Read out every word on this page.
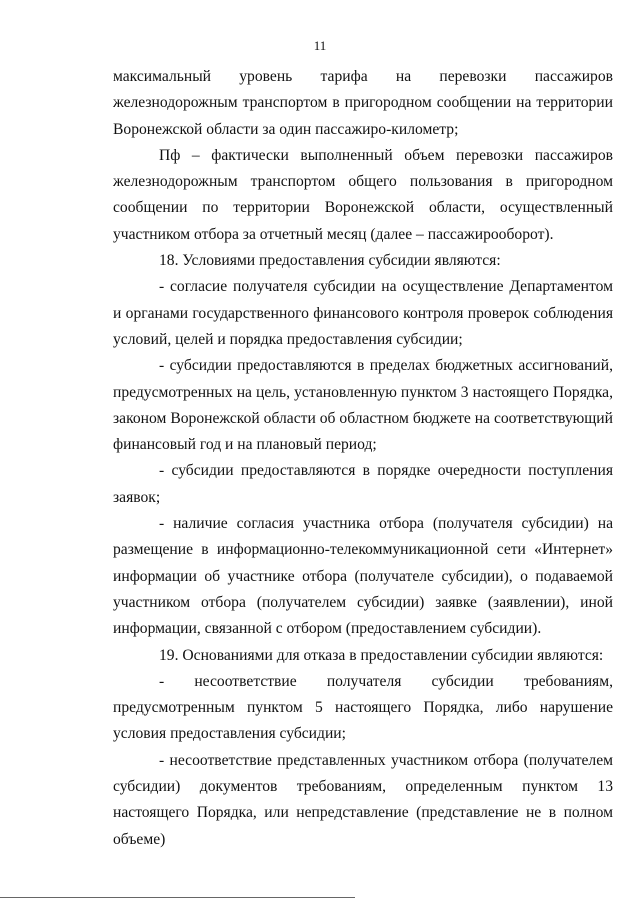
11

максимальный уровень тарифа на перевозки пассажиров железнодорожным транспортом в пригородном сообщении на территории Воронежской области за один пассажиро-километр;

Пф – фактически выполненный объем перевозки пассажиров железнодорожным транспортом общего пользования в пригородном сообщении по территории Воронежской области, осуществленный участником отбора за отчетный месяц (далее – пассажирооборот).

18. Условиями предоставления субсидии являются:

- согласие получателя субсидии на осуществление Департаментом и органами государственного финансового контроля проверок соблюдения условий, целей и порядка предоставления субсидии;

- субсидии предоставляются в пределах бюджетных ассигнований, предусмотренных на цель, установленную пунктом 3 настоящего Порядка, законом Воронежской области об областном бюджете на соответствующий финансовый год и на плановый период;

- субсидии предоставляются в порядке очередности поступления заявок;

- наличие согласия участника отбора (получателя субсидии) на размещение в информационно-телекоммуникационной сети «Интернет» информации об участнике отбора (получателе субсидии), о подаваемой участником отбора (получателем субсидии) заявке (заявлении), иной информации, связанной с отбором (предоставлением субсидии).

19. Основаниями для отказа в предоставлении субсидии являются:

- несоответствие получателя субсидии требованиям, предусмотренным пунктом 5 настоящего Порядка, либо нарушение условия предоставления субсидии;

- несоответствие представленных участником отбора (получателем субсидии) документов требованиям, определенным пунктом 13 настоящего Порядка, или непредставление (представление не в полном объеме)
